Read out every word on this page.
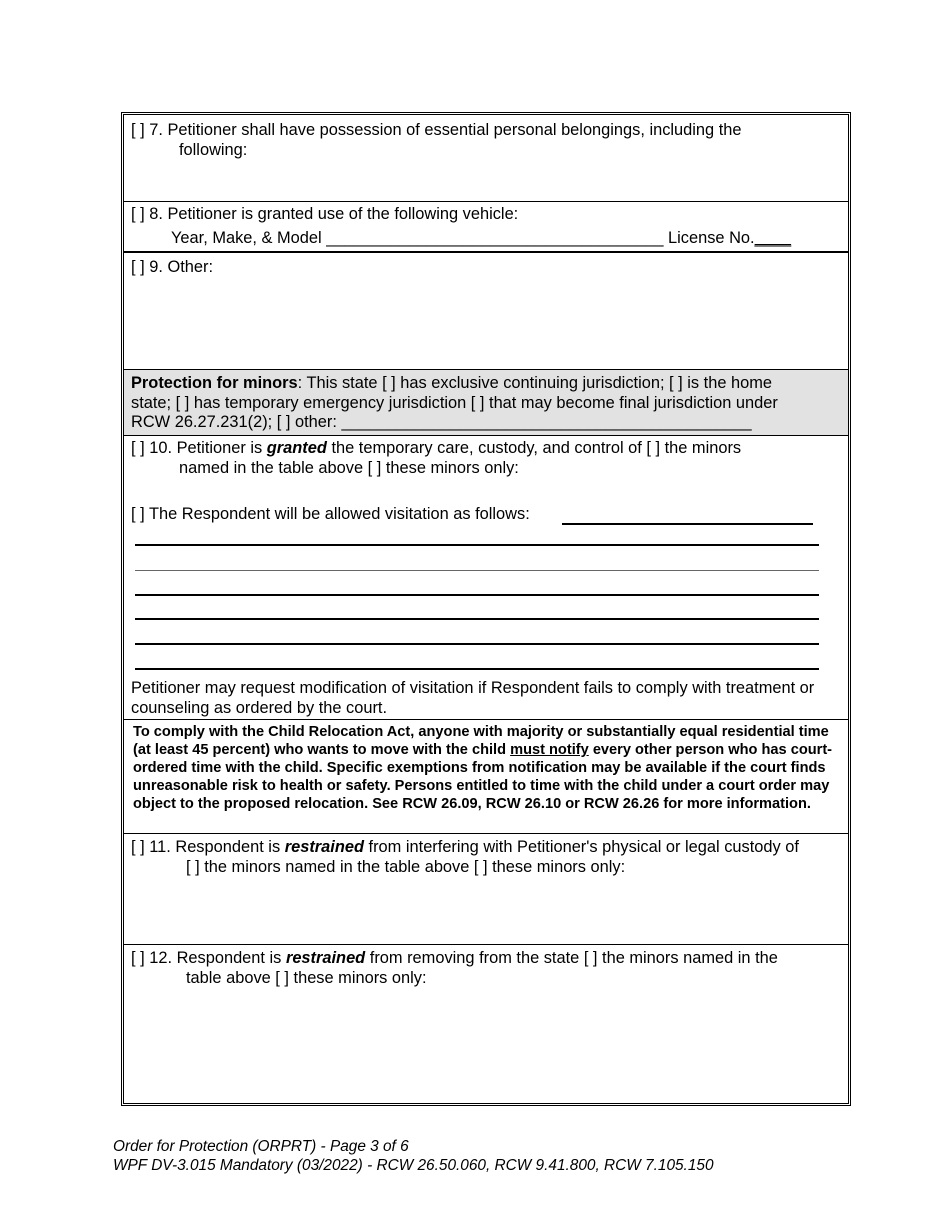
[ ] 7. Petitioner shall have possession of essential personal belongings, including the
following:
[ ] 8. Petitioner is granted use of the following vehicle:
Year, Make, & Model _____________________________________ License No.____
[ ] 9. Other:
Protection for minors: This state [ ] has exclusive continuing jurisdiction; [ ] is the home
state; [ ] has temporary emergency jurisdiction [ ] that may become final jurisdiction under
RCW 26.27.231(2); [ ] other: _____________________________________________
[ ] 10. Petitioner is granted the temporary care, custody, and control of [ ] the minors
named in the table above [ ] these minors only:
[ ] The Respondent will be allowed visitation as follows:
Petitioner may request modification of visitation if Respondent fails to comply with treatment or counseling as ordered by the court.
To comply with the Child Relocation Act, anyone with majority or substantially equal residential time (at least 45 percent) who wants to move with the child must notify every other person who has court-ordered time with the child. Specific exemptions from notification may be available if the court finds unreasonable risk to health or safety. Persons entitled to time with the child under a court order may object to the proposed relocation. See RCW 26.09, RCW 26.10 or RCW 26.26 for more information.
[ ] 11. Respondent is restrained from interfering with Petitioner's physical or legal custody of
[ ] the minors named in the table above [ ] these minors only:
[ ] 12. Respondent is restrained from removing from the state [ ] the minors named in the
table above [ ] these minors only:
Order for Protection (ORPRT) - Page 3 of 6
WPF DV-3.015 Mandatory (03/2022) - RCW 26.50.060, RCW 9.41.800, RCW 7.105.150
